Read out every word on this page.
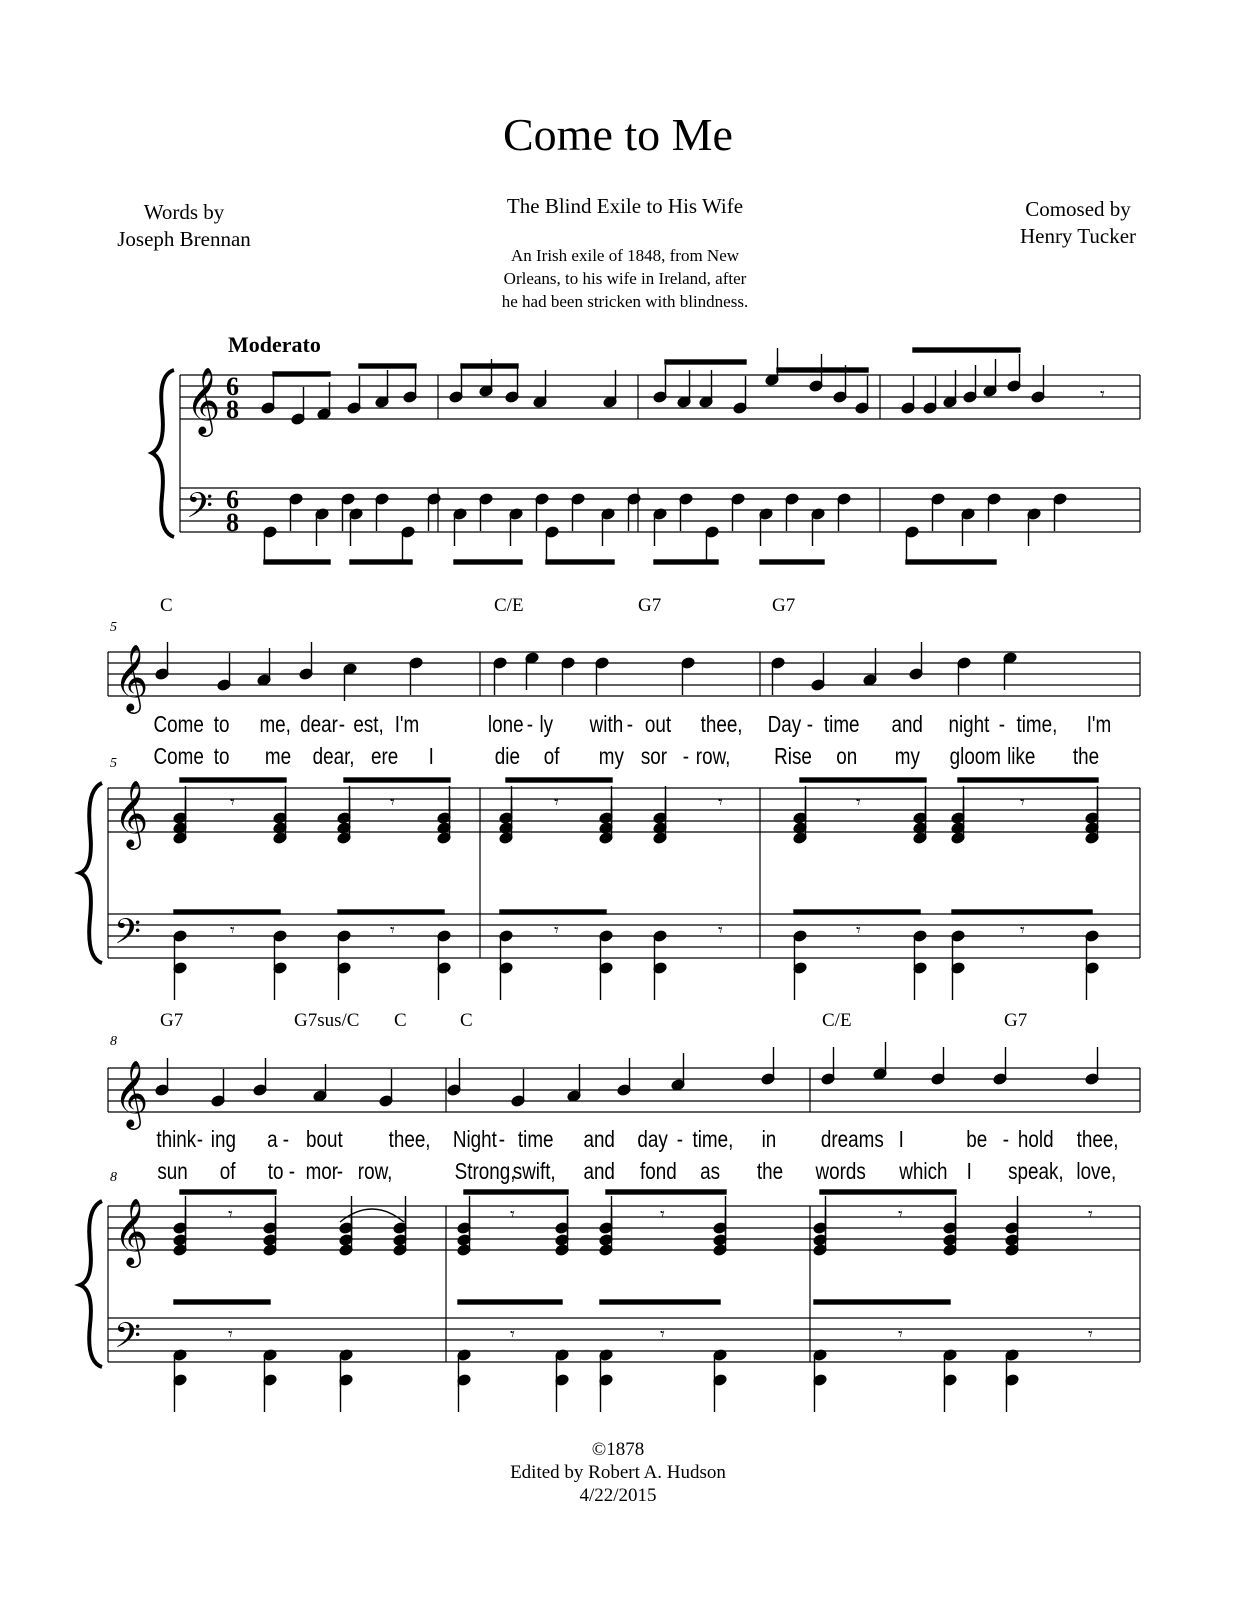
Come to Me
Words by
Joseph Brennan
Comosed by
Henry Tucker
The Blind Exile to His Wife
An Irish exile of 1848, from New
Orleans, to his wife in Ireland, after
he had been stricken with blindness.
Moderato
𝄞
𝄢
𝄞
𝄞
𝄢
𝄞
𝄞
𝄢
6
8
6
8
𝄾
𝄾	𝄾	𝄾	𝄾	𝄾	𝄾
𝄾	𝄾	𝄾	𝄾	𝄾	𝄾
𝄾	𝄾	𝄾	𝄾	𝄾
𝄾	𝄾	𝄾	𝄾	𝄾
5
5
C	C/E	G7	G7
Come to me, dear - est, I'm	lone - ly with - out thee, Day - time and night - time, I'm
Come to me dear, ere I	die of my sor - row, Rise on my gloom like the
8
8
G7	G7sus/C C	C	C/E	G7
think - ing a - bout thee, Night - time and day - time, in dreams I	be - hold thee,
sun of to - mor
- row,	Strong,
swift, and fond as the words which I speak, love,
©1878
Edited by Robert A. Hudson
4/22/2015
